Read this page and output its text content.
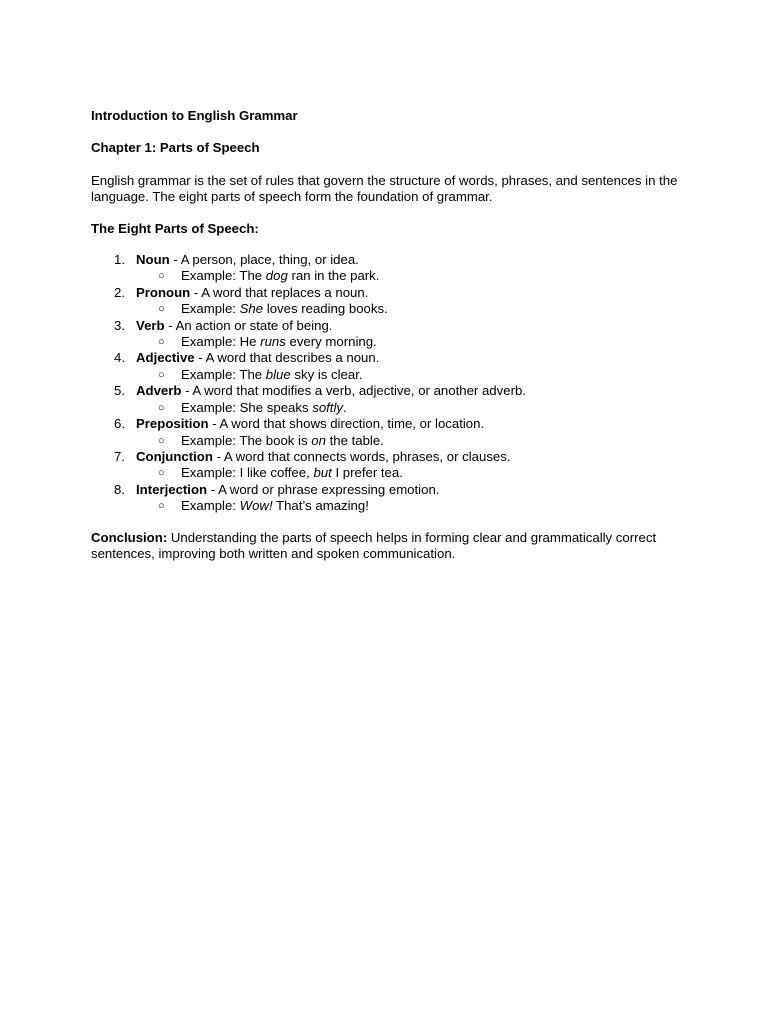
Introduction to English Grammar

Chapter 1: Parts of Speech

English grammar is the set of rules that govern the structure of words, phrases, and sentences in the language. The eight parts of speech form the foundation of grammar.

The Eight Parts of Speech:

1. Noun - A person, place, thing, or idea.
○ Example: The dog ran in the park.
2. Pronoun - A word that replaces a noun.
○ Example: She loves reading books.
3. Verb - An action or state of being.
○ Example: He runs every morning.
4. Adjective - A word that describes a noun.
○ Example: The blue sky is clear.
5. Adverb - A word that modifies a verb, adjective, or another adverb.
○ Example: She speaks softly.
6. Preposition - A word that shows direction, time, or location.
○ Example: The book is on the table.
7. Conjunction - A word that connects words, phrases, or clauses.
○ Example: I like coffee, but I prefer tea.
8. Interjection - A word or phrase expressing emotion.
○ Example: Wow! That’s amazing!

Conclusion: Understanding the parts of speech helps in forming clear and grammatically correct sentences, improving both written and spoken communication.
